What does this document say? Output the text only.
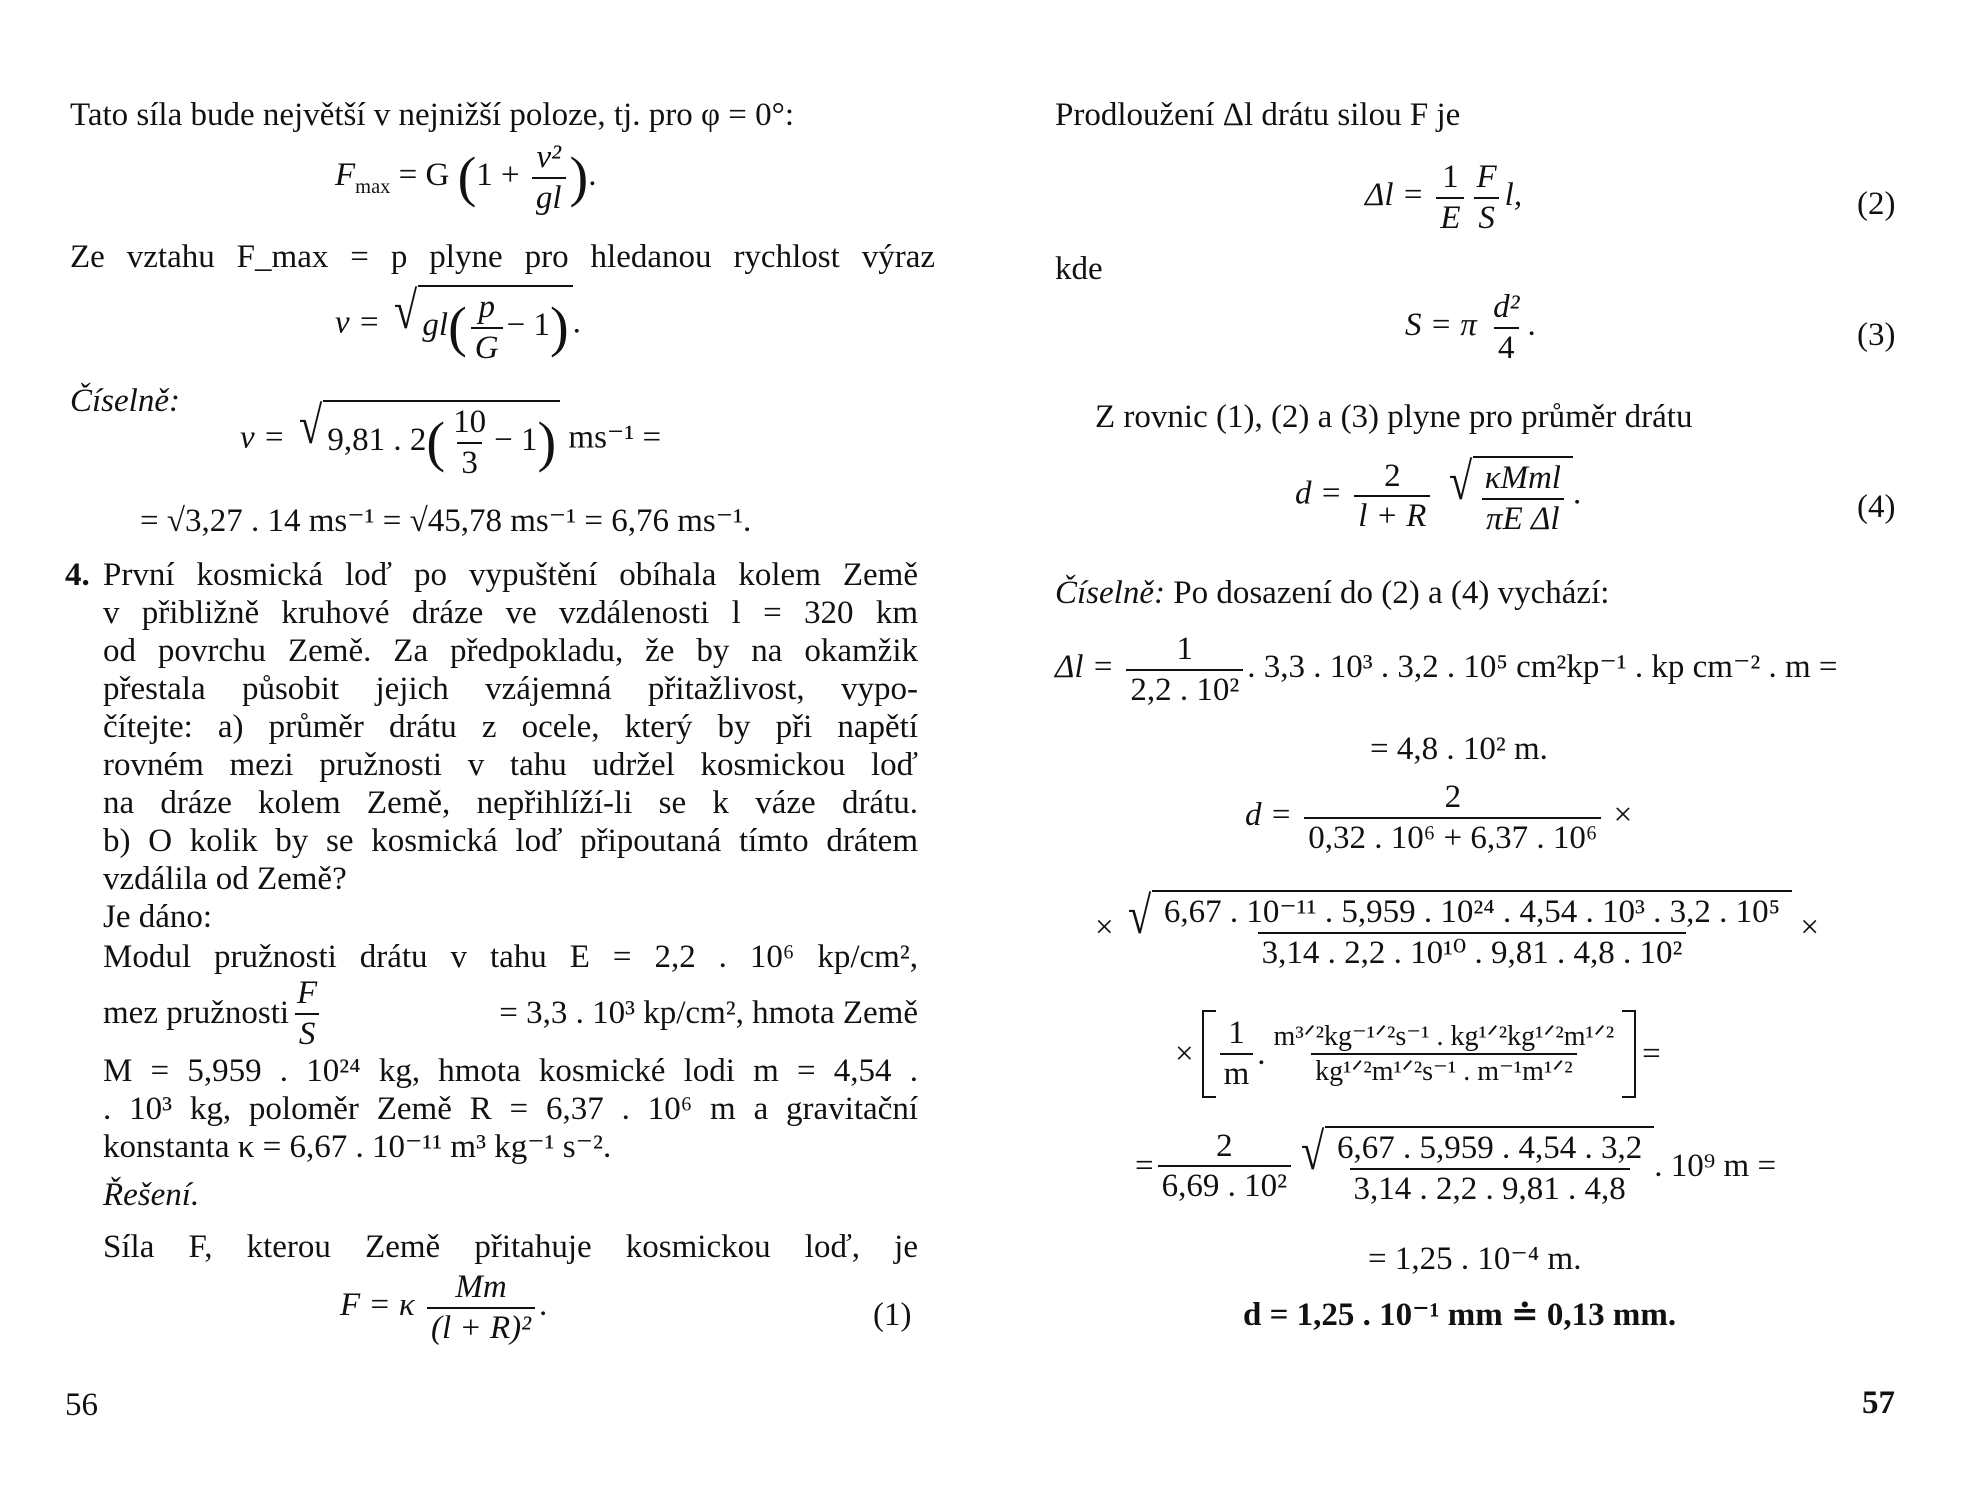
Tato síla bude největší v nejnižší poloze, tj. pro φ = 0°:
$F_{max} = G$ ($1 + \frac{\text{v²}}{gl}$ ).
Ze vztahu F_max = p plyne pro hledanou rychlost výraz
v = √ $gl( \frac{p}{G} - 1)$ .
Číselně:
v = √ 9,81 . $2( \frac{10}{3} - 1)$ ms⁻¹ =
= √3,27 . 14 ms⁻¹ = √45,78 ms⁻¹ = 6,76 ms⁻¹.
4. První kosmická loď po vypuštění obíhala kolem Země
v přibližně kruhové dráze ve vzdálenosti l = 320 km
od povrchu Země. Za předpokladu, že by na okamžik
přestala působit jejich vzájemná přitažlivost, vypo-
čítejte: a) průměr drátu z ocele, který by při napětí
rovném mezi pružnosti v tahu udržel kosmickou loď
na dráze kolem Země, nepřihlíží-li se k váze drátu.
b) O kolik by se kosmická loď připoutaná tímto drátem
vzdálila od Země?
Je dáno:
Modul pružnosti drátu v tahu E = 2,2 . 10⁶ kp/cm²,
mez pružnosti $\frac{F}{S}$	= 3,3 . 10³ kp/cm², hmota Země
M = 5,959 . 10²⁴ kg, hmota kosmické lodi m = 4,54 .
. 10³ kg, poloměr Země R = 6,37 . 10⁶ m a gravitační
konstanta κ = 6,67 . 10⁻¹¹ m³ kg⁻¹ s⁻².
Řešení.
Síla F, kterou Země přitahuje kosmickou loď, je
F = κ $\frac{Mm}{\text{(l + R)²}}$ .	(1)
56
Prodloužení Δl drátu silou F je
$\Delta l = \frac{1}{E} \frac{F}{S} l$,	(2)
kde
S = π $\frac{\text{d²}}{4}$ .	(3)
Z rovnic (1), (2) a (3) plyne pro průměr drátu
$d = \frac{2}{l + R}$
√ $\frac{\text{κMml}}{\text{πE Δl}}$ .	(4)
Číselně: Po dosazení do (2) a (4) vychází:
$\Delta l = \frac{1}{\text{2,2 . 10²}}$ . 3,3 . 10³ . 3,2 . 10⁵ cm²kp⁻¹ . kp cm⁻² . m =
= 4,8 . 10² m.
$d = \frac{2}{\text{0,32 . 10⁶ + 6,37 . 10⁶}}$ ×
× √ $\frac{\text{6,67 . 10⁻¹¹ . 5,959 . 10²⁴ . 4,54 . 10³ . 3,2 . 10⁵}}{\text{3,14 . 2,2 . 10¹⁰ . 9,81 . 4,8 . 10²}}$ ×
× $\frac{1}{m}$ . $\frac{\text{m³ᐟ²kg⁻¹ᐟ²s⁻¹ . kg¹ᐟ²kg¹ᐟ²m¹ᐟ²}}{\text{kg¹ᐟ²m¹ᐟ²s⁻¹ . m⁻¹m¹ᐟ²}}$ =
= $\frac{2}{\text{6,69 . 10²}}$ √ $\frac{6,67 . 5,959 . 4,54 . 3,2}{3,14 . 2,2 . 9,81 . 4,8}$ . 10⁹ m =
= 1,25 . 10⁻⁴ m.
d = 1,25 . 10⁻¹ mm ≐ 0,13 mm.
57
